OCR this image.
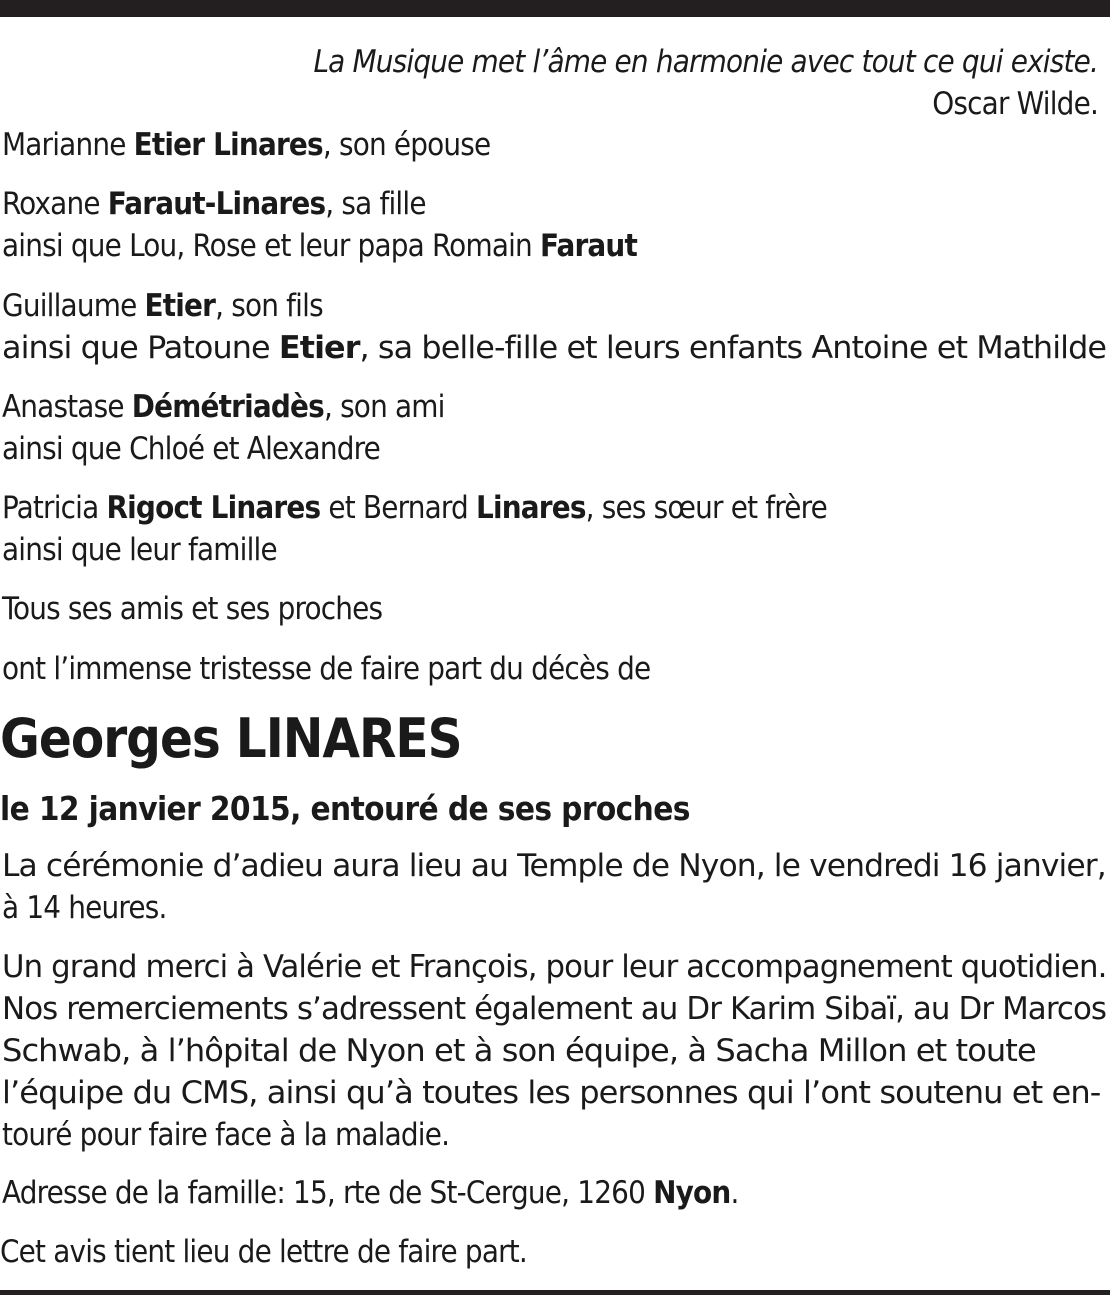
La Musique met l’âme en harmonie avec tout ce qui existe.

Oscar Wilde.

Marianne Etier Linares, son épouse

Roxane Faraut-Linares, sa fille

ainsi que Lou, Rose et leur papa Romain Faraut

Guillaume Etier, son fils

ainsi que Patoune Etier, sa belle-fille et leurs enfants Antoine et Mathilde

Anastase Démétriadès, son ami

ainsi que Chloé et Alexandre

Patricia Rigoct Linares et Bernard Linares, ses sœur et frère

ainsi que leur famille

Tous ses amis et ses proches

ont l’immense tristesse de faire part du décès de

Georges LINARES

le 12 janvier 2015, entouré de ses proches

La cérémonie d’adieu aura lieu au Temple de Nyon, le vendredi 16 janvier,

à 14 heures.

Un grand merci à Valérie et François, pour leur accompagnement quotidien.

Nos remerciements s’adressent également au Dr Karim Sibaï, au Dr Marcos

Schwab, à l’hôpital de Nyon et à son équipe, à Sacha Millon et toute

l’équipe du CMS, ainsi qu’à toutes les personnes qui l’ont soutenu et en-

touré pour faire face à la maladie.

Adresse de la famille: 15, rte de St-Cergue, 1260 Nyon.

Cet avis tient lieu de lettre de faire part.
